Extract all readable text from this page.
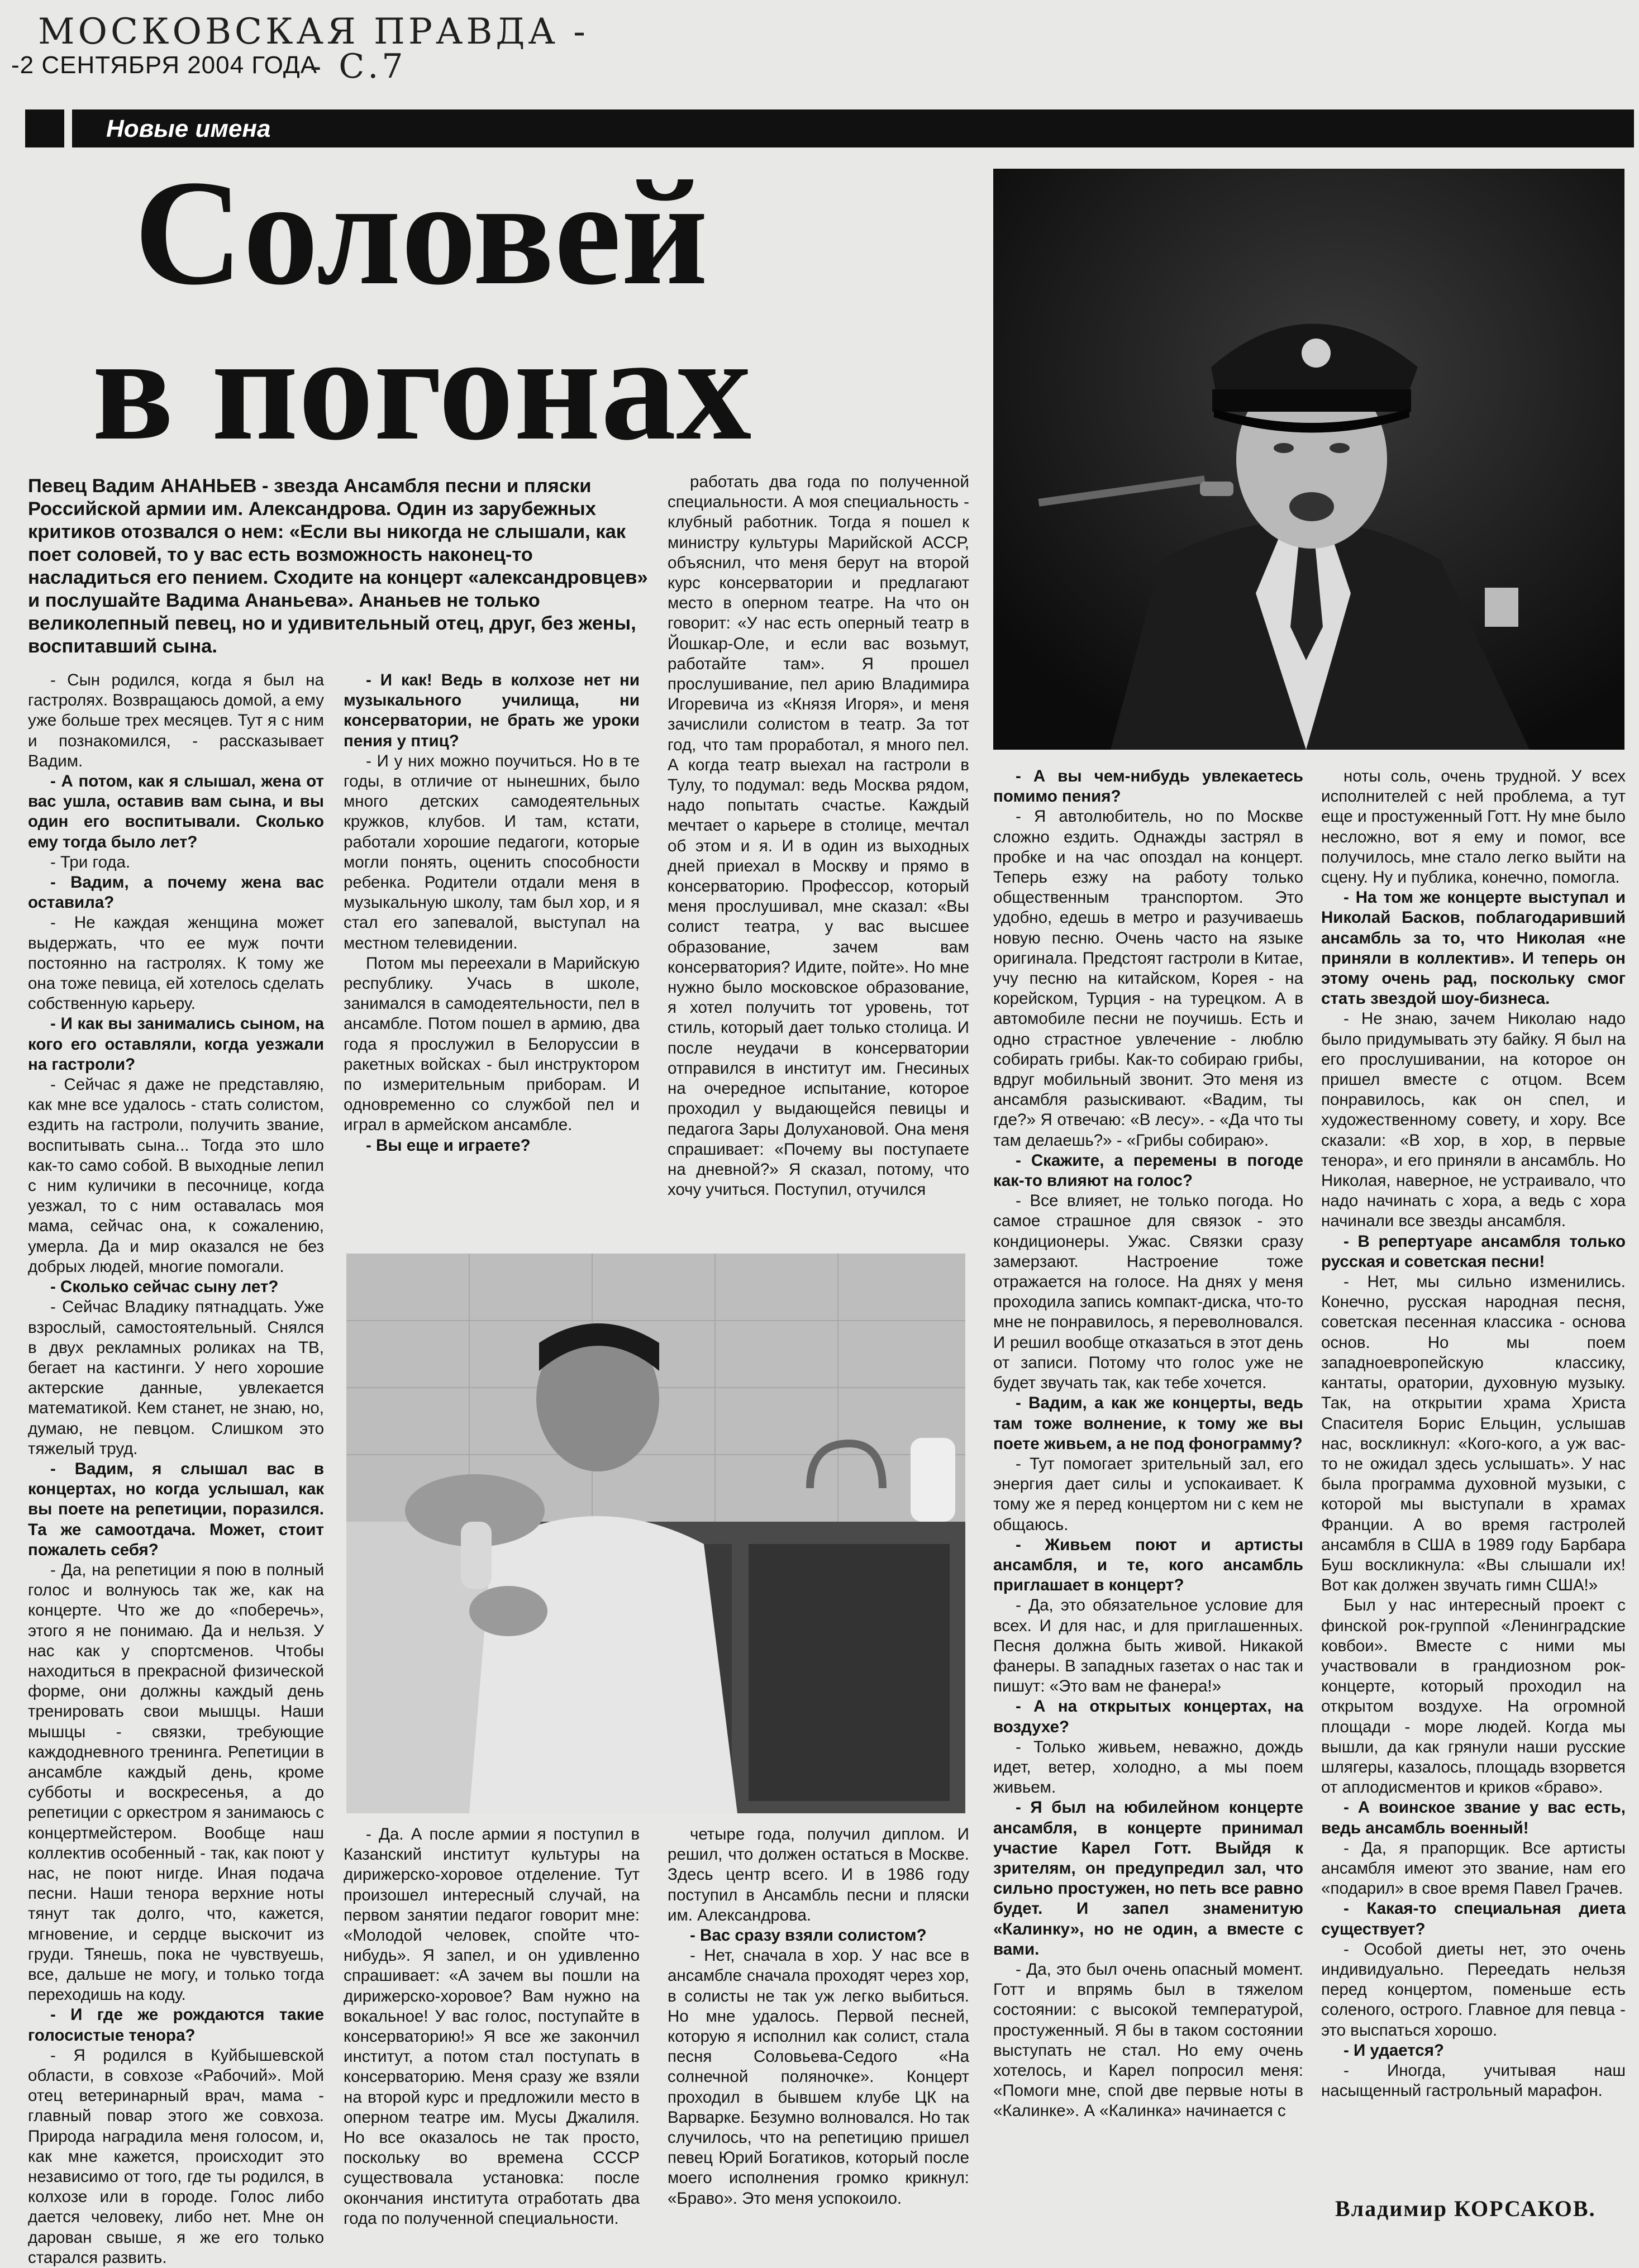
МОСКОВСКАЯ ПРАВДА -
-2 СЕНТЯБРЯ 2004 ГОДА
- С.7
Новые имена
Соловей
в погонах
Певец Вадим АНАНЬЕВ - звезда Ансамбля песни и пляски Российской армии им. Александрова. Один из зарубежных критиков отозвался о нем: «Если вы никогда не слышали, как поет соловей, то у вас есть возможность наконец-то насладиться его пением. Сходите на концерт «александровцев» и послушайте Вадима Ананьева». Ананьев не только великолепный певец, но и удивительный отец, друг, без жены, воспитавший сына.

- Сын родился, когда я был на гастролях. Возвращаюсь домой, а ему уже больше трех месяцев. Тут я с ним и познакомился, - рассказывает Вадим.

- А потом, как я слышал, жена от вас ушла, оставив вам сына, и вы один его воспитывали. Сколько ему тогда было лет?

- Три года.

- Вадим, а почему жена вас оставила?

- Не каждая женщина может выдержать, что ее муж почти постоянно на гастролях. К тому же она тоже певица, ей хотелось сделать собственную карьеру.

- И как вы занимались сыном, на кого его оставляли, когда уезжали на гастроли?

- Сейчас я даже не представляю, как мне все удалось - стать солистом, ездить на гастроли, получить звание, воспитывать сына... Тогда это шло как-то само собой. В выходные лепил с ним куличики в песочнице, когда уезжал, то с ним оставалась моя мама, сейчас она, к сожалению, умерла. Да и мир оказался не без добрых людей, многие помогали.

- Сколько сейчас сыну лет?

- Сейчас Владику пятнадцать. Уже взрослый, самостоятельный. Снялся в двух рекламных роликах на ТВ, бегает на кастинги. У него хорошие актерские данные, увлекается математикой. Кем станет, не знаю, но, думаю, не певцом. Слишком это тяжелый труд.

- Вадим, я слышал вас в концертах, но когда услышал, как вы поете на репетиции, поразился. Та же самоотдача. Может, стоит пожалеть себя?

- Да, на репетиции я пою в полный голос и волнуюсь так же, как на концерте. Что же до «поберечь», этого я не понимаю. Да и нельзя. У нас как у спортсменов. Чтобы находиться в прекрасной физической форме, они должны каждый день тренировать свои мышцы. Наши мышцы - связки, требующие каждодневного тренинга. Репетиции в ансамбле каждый день, кроме субботы и воскресенья, а до репетиции с оркестром я занимаюсь с концертмейстером. Вообще наш коллектив особенный - так, как поют у нас, не поют нигде. Иная подача песни. Наши тенора верхние ноты тянут так долго, что, кажется, мгновение, и сердце выскочит из груди. Тянешь, пока не чувствуешь, все, дальше не могу, и только тогда переходишь на коду.

- И где же рождаются такие голосистые тенора?

- Я родился в Куйбышевской области, в совхозе «Рабочий». Мой отец ветеринарный врач, мама - главный повар этого же совхоза. Природа наградила меня голосом, и, как мне кажется, происходит это независимо от того, где ты родился, в колхозе или в городе. Голос либо дается человеку, либо нет. Мне он дарован свыше, я же его только старался развить.

- И как! Ведь в колхозе нет ни музыкального училища, ни консерватории, не брать же уроки пения у птиц?

- И у них можно поучиться. Но в те годы, в отличие от нынешних, было много детских самодеятельных кружков, клубов. И там, кстати, работали хорошие педагоги, которые могли понять, оценить способности ребенка. Родители отдали меня в музыкальную школу, там был хор, и я стал его запевалой, выступал на местном телевидении.

Потом мы переехали в Марийскую республику. Учась в школе, занимался в самодеятельности, пел в ансамбле. Потом пошел в армию, два года я прослужил в Белоруссии в ракетных войсках - был инструктором по измерительным приборам. И одновременно со службой пел и играл в армейском ансамбле.

- Вы еще и играете?

- Да. А после армии я поступил в Казанский институт культуры на дирижерско-хоровое отделение. Тут произошел интересный случай, на первом занятии педагог говорит мне: «Молодой человек, спойте что-нибудь». Я запел, и он удивленно спрашивает: «А зачем вы пошли на дирижерско-хоровое? Вам нужно на вокальное! У вас голос, поступайте в консерваторию!» Я все же закончил институт, а потом стал поступать в консерваторию. Меня сразу же взяли на второй курс и предложили место в оперном театре им. Мусы Джалиля. Но все оказалось не так просто, поскольку во времена СССР существовала установка: после окончания института отработать два года по полученной специальности.

работать два года по полученной специальности. А моя специальность - клубный работник. Тогда я пошел к министру культуры Марийской АССР, объяснил, что меня берут на второй курс консерватории и предлагают место в оперном театре. На что он говорит: «У нас есть оперный театр в Йошкар-Оле, и если вас возьмут, работайте там». Я прошел прослушивание, пел арию Владимира Игоревича из «Князя Игоря», и меня зачислили солистом в театр. За тот год, что там проработал, я много пел. А когда театр выехал на гастроли в Тулу, то подумал: ведь Москва рядом, надо попытать счастье. Каждый мечтает о карьере в столице, мечтал об этом и я. И в один из выходных дней приехал в Москву и прямо в консерваторию. Профессор, который меня прослушивал, мне сказал: «Вы солист театра, у вас высшее образование, зачем вам консерватория? Идите, пойте». Но мне нужно было московское образование, я хотел получить тот уровень, тот стиль, который дает только столица. И после неудачи в консерватории отправился в институт им. Гнесиных на очередное испытание, которое проходил у выдающейся певицы и педагога Зары Долухановой. Она меня спрашивает: «Почему вы поступаете на дневной?» Я сказал, потому, что хочу учиться. Поступил, отучился

четыре года, получил диплом. И решил, что должен остаться в Москве. Здесь центр всего. И в 1986 году поступил в Ансамбль песни и пляски им. Александрова.

- Вас сразу взяли солистом?

- Нет, сначала в хор. У нас все в ансамбле сначала проходят через хор, в солисты не так уж легко выбиться. Но мне удалось. Первой песней, которую я исполнил как солист, стала песня Соловьева-Седого «На солнечной поляночке». Концерт проходил в бывшем клубе ЦК на Варварке. Безумно волновался. Но так случилось, что на репетицию пришел певец Юрий Богатиков, который после моего исполнения громко крикнул: «Браво». Это меня успокоило.

- А вы чем-нибудь увлекаетесь помимо пения?

- Я автолюбитель, но по Москве сложно ездить. Однажды застрял в пробке и на час опоздал на концерт. Теперь езжу на работу только общественным транспортом. Это удобно, едешь в метро и разучиваешь новую песню. Очень часто на языке оригинала. Предстоят гастроли в Китае, учу песню на китайском, Корея - на корейском, Турция - на турецком. А в автомобиле песни не поучишь. Есть и одно страстное увлечение - люблю собирать грибы. Как-то собираю грибы, вдруг мобильный звонит. Это меня из ансамбля разыскивают. «Вадим, ты где?» Я отвечаю: «В лесу». - «Да что ты там делаешь?» - «Грибы собираю».

- Скажите, а перемены в погоде как-то влияют на голос?

- Все влияет, не только погода. Но самое страшное для связок - это кондиционеры. Ужас. Связки сразу замерзают. Настроение тоже отражается на голосе. На днях у меня проходила запись компакт-диска, что-то мне не понравилось, я переволновался. И решил вообще отказаться в этот день от записи. Потому что голос уже не будет звучать так, как тебе хочется.

- Вадим, а как же концерты, ведь там тоже волнение, к тому же вы поете живьем, а не под фонограмму?

- Тут помогает зрительный зал, его энергия дает силы и успокаивает. К тому же я перед концертом ни с кем не общаюсь.

- Живьем поют и артисты ансамбля, и те, кого ансамбль приглашает в концерт?

- Да, это обязательное условие для всех. И для нас, и для приглашенных. Песня должна быть живой. Никакой фанеры. В западных газетах о нас так и пишут: «Это вам не фанера!»

- А на открытых концертах, на воздухе?

- Только живьем, неважно, дождь идет, ветер, холодно, а мы поем живьем.

- Я был на юбилейном концерте ансамбля, в концерте принимал участие Карел Готт. Выйдя к зрителям, он предупредил зал, что сильно простужен, но петь все равно будет. И запел знаменитую «Калинку», но не один, а вместе с вами.

- Да, это был очень опасный момент. Готт и впрямь был в тяжелом состоянии: с высокой температурой, простуженный. Я бы в таком состоянии выступать не стал. Но ему очень хотелось, и Карел попросил меня: «Помоги мне, спой две первые ноты в «Калинке». А «Калинка» начинается с

ноты соль, очень трудной. У всех исполнителей с ней проблема, а тут еще и простуженный Готт. Ну мне было несложно, вот я ему и помог, все получилось, мне стало легко выйти на сцену. Ну и публика, конечно, помогла.

- На том же концерте выступал и Николай Басков, поблагодаривший ансамбль за то, что Николая «не приняли в коллектив». И теперь он этому очень рад, поскольку смог стать звездой шоу-бизнеса.

- Не знаю, зачем Николаю надо было придумывать эту байку. Я был на его прослушивании, на которое он пришел вместе с отцом. Всем понравилось, как он спел, и художественному совету, и хору. Все сказали: «В хор, в хор, в первые тенора», и его приняли в ансамбль. Но Николая, наверное, не устраивало, что надо начинать с хора, а ведь с хора начинали все звезды ансамбля.

- В репертуаре ансамбля только русская и советская песни!

- Нет, мы сильно изменились. Конечно, русская народная песня, советская песенная классика - основа основ. Но мы поем западноевропейскую классику, кантаты, оратории, духовную музыку. Так, на открытии храма Христа Спасителя Борис Ельцин, услышав нас, воскликнул: «Кого-кого, а уж вас-то не ожидал здесь услышать». У нас была программа духовной музыки, с которой мы выступали в храмах Франции. А во время гастролей ансамбля в США в 1989 году Барбара Буш воскликнула: «Вы слышали их! Вот как должен звучать гимн США!»

Был у нас интересный проект с финской рок-группой «Ленинградские ковбои». Вместе с ними мы участвовали в грандиозном рок-концерте, который проходил на открытом воздухе. На огромной площади - море людей. Когда мы вышли, да как грянули наши русские шлягеры, казалось, площадь взорвется от аплодисментов и криков «браво».

- А воинское звание у вас есть, ведь ансамбль военный!

- Да, я прапорщик. Все артисты ансамбля имеют это звание, нам его «подарил» в свое время Павел Грачев.

- Какая-то специальная диета существует?

- Особой диеты нет, это очень индивидуально. Переедать нельзя перед концертом, поменьше есть соленого, острого. Главное для певца - это выспаться хорошо.

- И удается?

- Иногда, учитывая наш насыщенный гастрольный марафон.

Владимир КОРСАКОВ.
